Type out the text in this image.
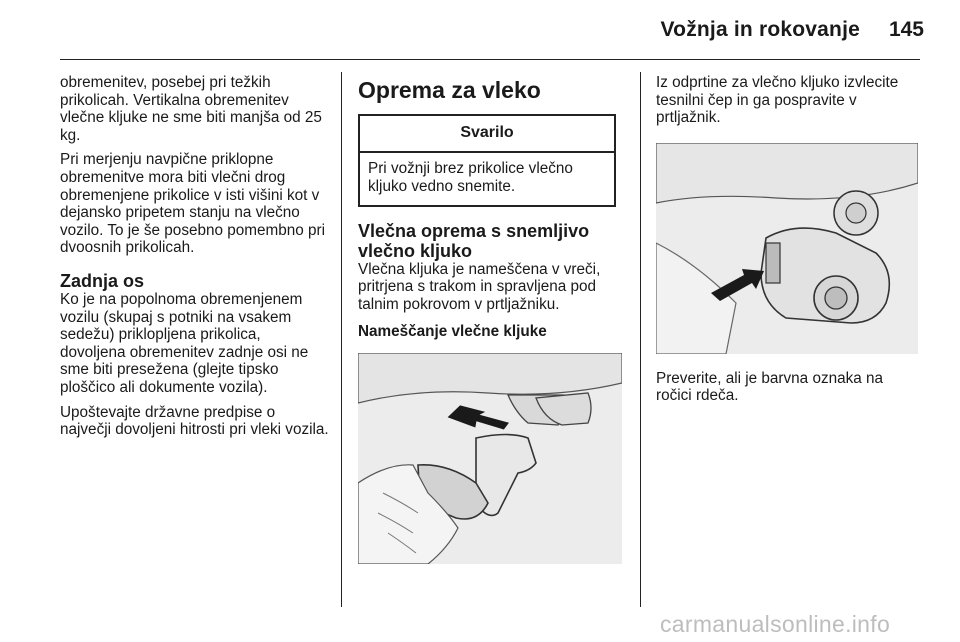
Vožnja in rokovanje	145

obremenitev, posebej pri težkih prikolicah. Vertikalna obremenitev vlečne kljuke ne sme biti manjša od 25 kg.

Pri merjenju navpične priklopne obremenitve mora biti vlečni drog obremenjene prikolice v isti višini kot v dejansko pripetem stanju na vlečno vozilo. To je še posebno pomembno pri dvoosnih prikolicah.

Zadnja os

Ko je na popolnoma obremenjenem vozilu (skupaj s potniki na vsakem sedežu) priklopljena prikolica, dovoljena obremenitev zadnje osi ne sme biti presežena (glejte tipsko ploščico ali dokumente vozila).

Upoštevajte državne predpise o največji dovoljeni hitrosti pri vleki vozila.

Oprema za vleko
Svarilo
Pri vožnji brez prikolice vlečno kljuko vedno snemite.
Vlečna oprema s snemljivo vlečno kljuko

Vlečna kljuka je nameščena v vreči, pritrjena s trakom in spravljena pod talnim pokrovom v prtljažniku.

Nameščanje vlečne kljuke

Iz odprtine za vlečno kljuko izvlecite tesnilni čep in ga pospravite v prtljažnik.

Preverite, ali je barvna oznaka na ročici rdeča.

carmanualsonline.info
